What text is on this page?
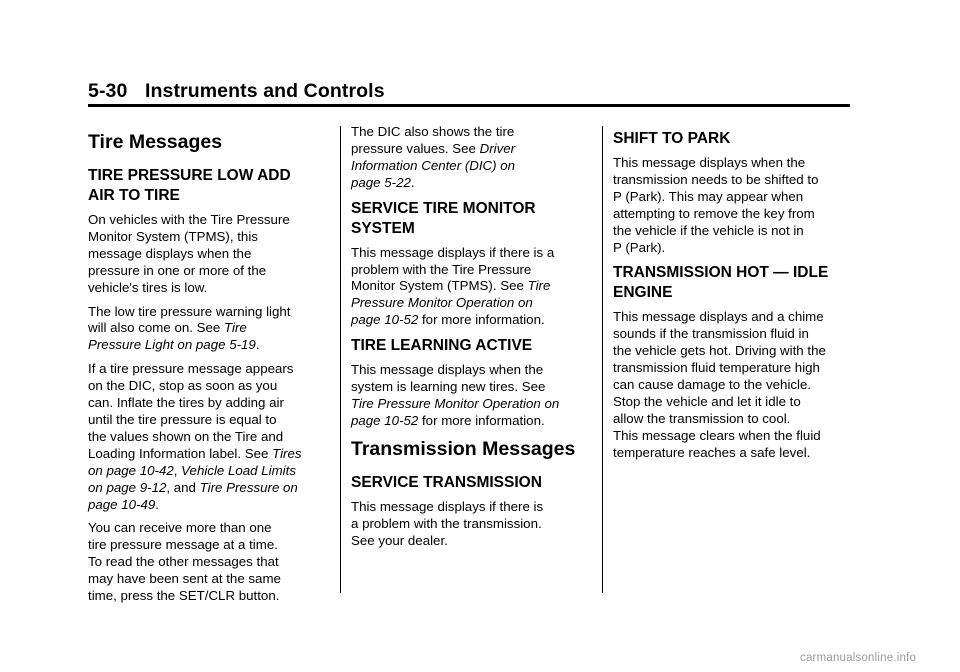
5-30 Instruments and Controls
Tire Messages
TIRE PRESSURE LOW ADD
AIR TO TIRE
On vehicles with the Tire Pressure
Monitor System (TPMS), this
message displays when the
pressure in one or more of the
vehicle's tires is low.
The low tire pressure warning light
will also come on. See Tire
Pressure Light on page 5-19.
If a tire pressure message appears
on the DIC, stop as soon as you
can. Inflate the tires by adding air
until the tire pressure is equal to
the values shown on the Tire and
Loading Information label. See Tires
on page 10-42, Vehicle Load Limits
on page 9-12, and Tire Pressure on
page 10-49.
You can receive more than one
tire pressure message at a time.
To read the other messages that
may have been sent at the same
time, press the SET/CLR button.
The DIC also shows the tire
pressure values. See Driver
Information Center (DIC) on
page 5-22.
SERVICE TIRE MONITOR
SYSTEM
This message displays if there is a
problem with the Tire Pressure
Monitor System (TPMS). See Tire
Pressure Monitor Operation on
page 10-52 for more information.
TIRE LEARNING ACTIVE
This message displays when the
system is learning new tires. See
Tire Pressure Monitor Operation on
page 10-52 for more information.
Transmission Messages
SERVICE TRANSMISSION
This message displays if there is
a problem with the transmission.
See your dealer.
SHIFT TO PARK
This message displays when the
transmission needs to be shifted to
P (Park). This may appear when
attempting to remove the key from
the vehicle if the vehicle is not in
P (Park).
TRANSMISSION HOT — IDLE
ENGINE
This message displays and a chime
sounds if the transmission fluid in
the vehicle gets hot. Driving with the
transmission fluid temperature high
can cause damage to the vehicle.
Stop the vehicle and let it idle to
allow the transmission to cool.
This message clears when the fluid
temperature reaches a safe level.
carmanualsonline.info
